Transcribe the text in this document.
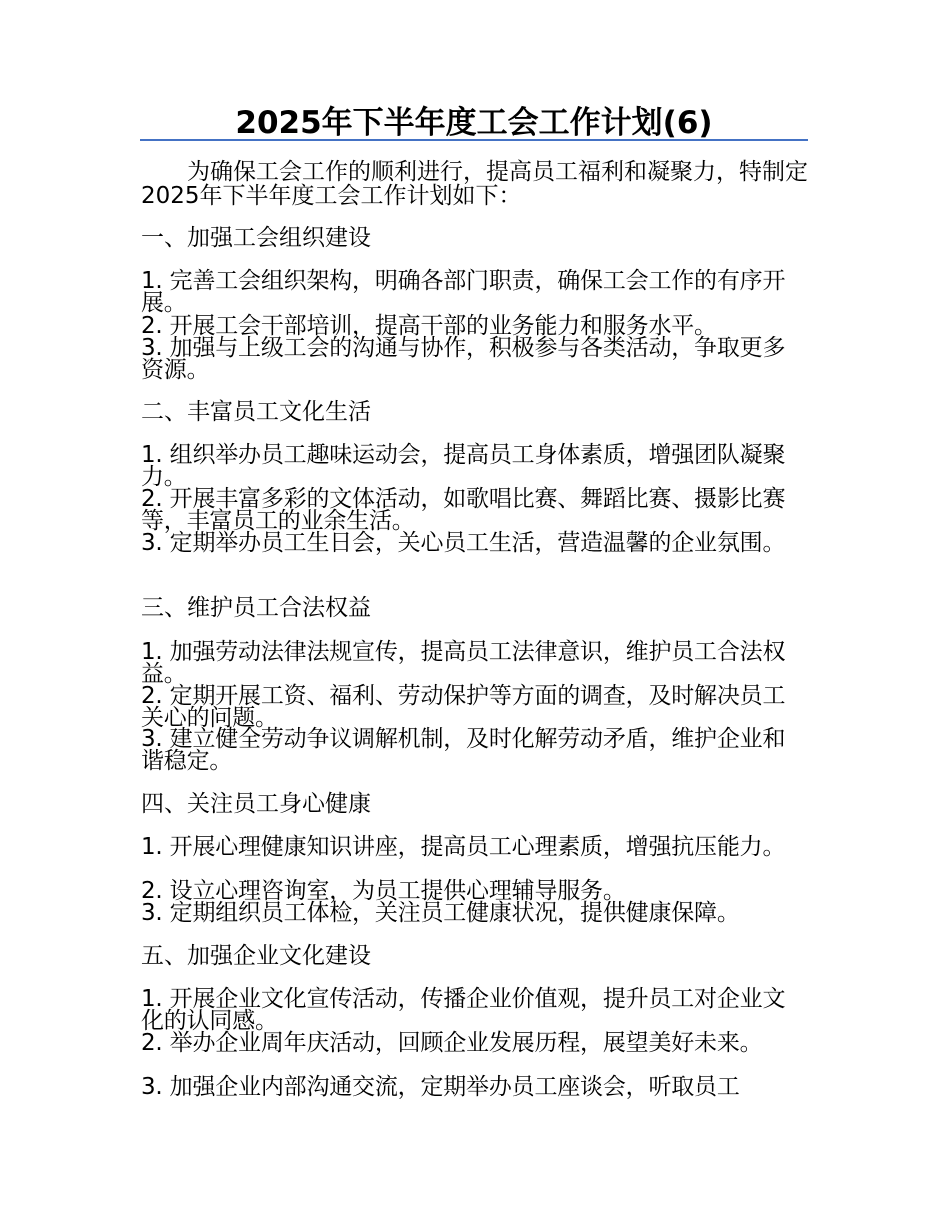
2025年下半年度工会工作计划(6)

为确保工会工作的顺利进行，提高员工福利和凝聚力，特制定2025年下半年度工会工作计划如下：

一、加强工会组织建设

1. 完善工会组织架构，明确各部门职责，确保工会工作的有序开展。

2. 开展工会干部培训，提高干部的业务能力和服务水平。

3. 加强与上级工会的沟通与协作，积极参与各类活动，争取更多资源。

二、丰富员工文化生活

1. 组织举办员工趣味运动会，提高员工身体素质，增强团队凝聚力。

2. 开展丰富多彩的文体活动，如歌唱比赛、舞蹈比赛、摄影比赛等，丰富员工的业余生活。

3. 定期举办员工生日会，关心员工生活，营造温馨的企业氛围。

三、维护员工合法权益

1. 加强劳动法律法规宣传，提高员工法律意识，维护员工合法权益。

2. 定期开展工资、福利、劳动保护等方面的调查，及时解决员工关心的问题。

3. 建立健全劳动争议调解机制，及时化解劳动矛盾，维护企业和谐稳定。

四、关注员工身心健康

1. 开展心理健康知识讲座，提高员工心理素质，增强抗压能力。

2. 设立心理咨询室，为员工提供心理辅导服务。

3. 定期组织员工体检，关注员工健康状况，提供健康保障。

五、加强企业文化建设

1. 开展企业文化宣传活动，传播企业价值观，提升员工对企业文化的认同感。

2. 举办企业周年庆活动，回顾企业发展历程，展望美好未来。

3. 加强企业内部沟通交流，定期举办员工座谈会，听取员工
